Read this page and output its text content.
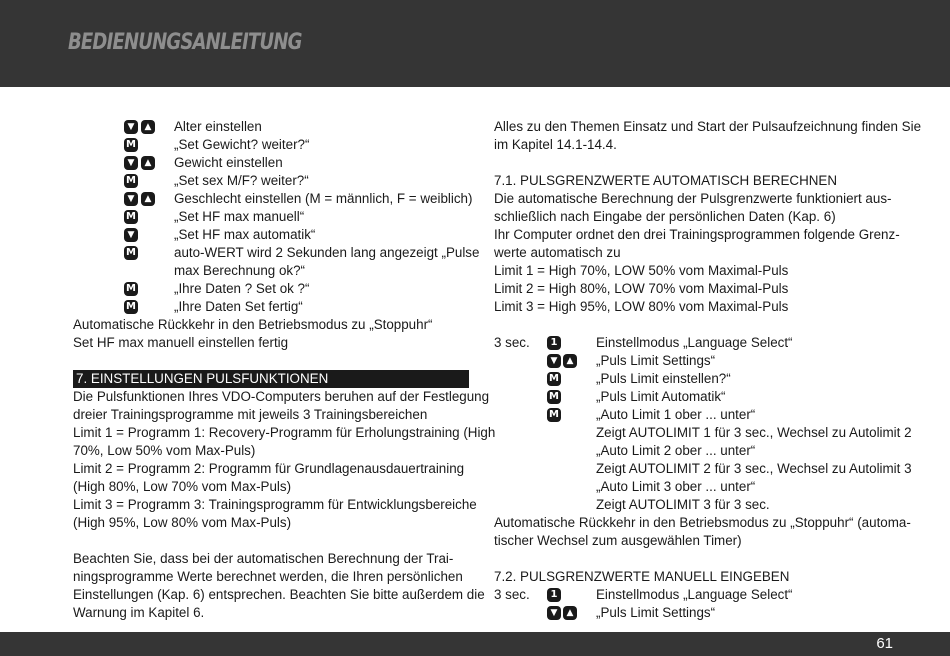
BEDIENUNGSANLEITUNG
▼	▲ Alter einstellen
M	„Set Gewicht? weiter?“
▼	▲ Gewicht einstellen
M	„Set sex M/F? weiter?“
▼	▲ Geschlecht einstellen (M = männlich, F = weiblich)
M	„Set HF max manuell“
▼	„Set HF max automatik“
M	auto-WERT wird 2 Sekunden lang angezeigt „Pulse
max Berechnung ok?“
M	„Ihre Daten ? Set ok ?“
M	„Ihre Daten Set fertig“
Automatische Rückkehr in den Betriebsmodus zu „Stoppuhr“
Set HF max manuell einstellen fertig
7. EINSTELLUNGEN PULSFUNKTIONEN
Die Pulsfunktionen Ihres VDO-Computers beruhen auf der Festlegung
dreier Trainingsprogramme mit jeweils 3 Trainingsbereichen
Limit 1 = Programm 1: Recovery-Programm für Erholungstraining (High
70%, Low 50% vom Max-Puls)
Limit 2 = Programm 2: Programm für Grundlagenausdauertraining
(High 80%, Low 70% vom Max-Puls)
Limit 3 = Programm 3: Trainingsprogramm für Entwicklungsbereiche
(High 95%, Low 80% vom Max-Puls)
Beachten Sie, dass bei der automatischen Berechnung der Trai-
ningsprogramme Werte berechnet werden, die Ihren persönlichen
Einstellungen (Kap. 6) entsprechen. Beachten Sie bitte außerdem die
Warnung im Kapitel 6.
Alles zu den Themen Einsatz und Start der Pulsaufzeichnung finden Sie
im Kapitel 14.1-14.4.
7.1. PULSGRENZWERTE AUTOMATISCH BERECHNEN
Die automatische Berechnung der Pulsgrenzwerte funktioniert aus-
schließlich nach Eingabe der persönlichen Daten (Kap. 6)
Ihr Computer ordnet den drei Trainingsprogrammen folgende Grenz-
werte automatisch zu
Limit 1 = High 70%, LOW 50% vom Maximal-Puls
Limit 2 = High 80%, LOW 70% vom Maximal-Puls
Limit 3 = High 95%, LOW 80% vom Maximal-Puls
3 sec.	1	Einstellmodus „Language Select“
▼	▲ „Puls Limit Settings“
M	„Puls Limit einstellen?“
M	„Puls Limit Automatik“
M	„Auto Limit 1 ober ... unter“
Zeigt AUTOLIMIT 1 für 3 sec., Wechsel zu Autolimit 2
„Auto Limit 2 ober ... unter“
Zeigt AUTOLIMIT 2 für 3 sec., Wechsel zu Autolimit 3
„Auto Limit 3 ober ... unter“
Zeigt AUTOLIMIT 3 für 3 sec.
Automatische Rückkehr in den Betriebsmodus zu „Stoppuhr“ (automa-
tischer Wechsel zum ausgewählen Timer)
7.2. PULSGRENZWERTE MANUELL EINGEBEN
3 sec.	1	Einstellmodus „Language Select“
▼	▲ „Puls Limit Settings“
61
